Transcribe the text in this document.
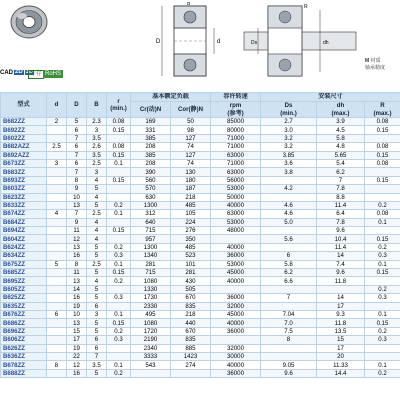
CAD 2D 3D
库存 RoHS
D	d
B
Ds	dh
R
M 材质
轴承精度
型式	d	D	B	r
(min.)	基本额定负载		容许转速	安装尺寸		
					Cr(动)N	Cor(静)N	rpm
(参考)	Ds
(min.)	dh
(max.)	R
(max.)
B682ZZ	2	5	2.3	0.08	169	50	85000	2.7	3.9	0.08
B692ZZ		6	3	0.15	331	98	80000	3.0	4.5	0.15
B602ZZ		7	3.5		385	127	71000	3.2	5.8	
B682AZZ	2.5	6	2.6	0.08	208	74	71000	3.2	4.8	0.08
B692AZZ		7	3.5	0.15	385	127	63000	3.85	5.65	0.15
B673ZZ	3	6	2.5	0.1	208	74	71000	3.6	5.4	0.08
B683ZZ		7	3		390	130	63000	3.8	6.2	
B693ZZ		8	4	0.15	560	180	56000		7	0.15
B603ZZ		9	5		570	187	53000	4.2	7.8	
B623ZZ		10	4		630	218	50000		8.8	
B633ZZ		13	5	0.2	1300	485	40000	4.6	11.4	0.2
B674ZZ	4	7	2.5	0.1	312	105	63000	4.6	6.4	0.08
B684ZZ		9	4		640	224	53000	5.0	7.8	0.1
B694ZZ		11	4	0.15	715	276	48000		9.6	
B604ZZ		12	4		957	350		5.6	10.4	0.15
B624ZZ		13	5	0.2	1300	485	40000		11.4	0.2
B634ZZ		16	5	0.3	1340	523	36000	6	14	0.3
B675ZZ	5	8	2.5	0.1	281	101	53000	5.8	7.4	0.1
B685ZZ		11	5	0.15	715	281	45000	6.2	9.6	0.15
B695ZZ		13	4	0.2	1080	430	40000	6.6	11.8	
B605ZZ		14	5		1330	505				0.2
B625ZZ		16	5	0.3	1730	670	36000	7	14	0.3
B635ZZ		19	6		2330	835	32000		17	
B676ZZ	6	10	3	0.1	495	218	45000	7.04	9.3	0.1
B686ZZ		13	5	0.15	1080	440	40000	7.0	11.8	0.15
B696ZZ		15	5	0.2	1720	670	36000	7.5	13.5	0.2
B606ZZ		17	6	0.3	2190	835		8	15	0.3
B626ZZ		19	6		2340	885	32000		17	
B636ZZ		22	7		3333	1423	30000		20	
B678ZZ	8	12	3.5	0.1	543	274	40000	9.05	11.33	0.1
B688ZZ		16	5	0.2			36000	9.6	14.4	0.2
